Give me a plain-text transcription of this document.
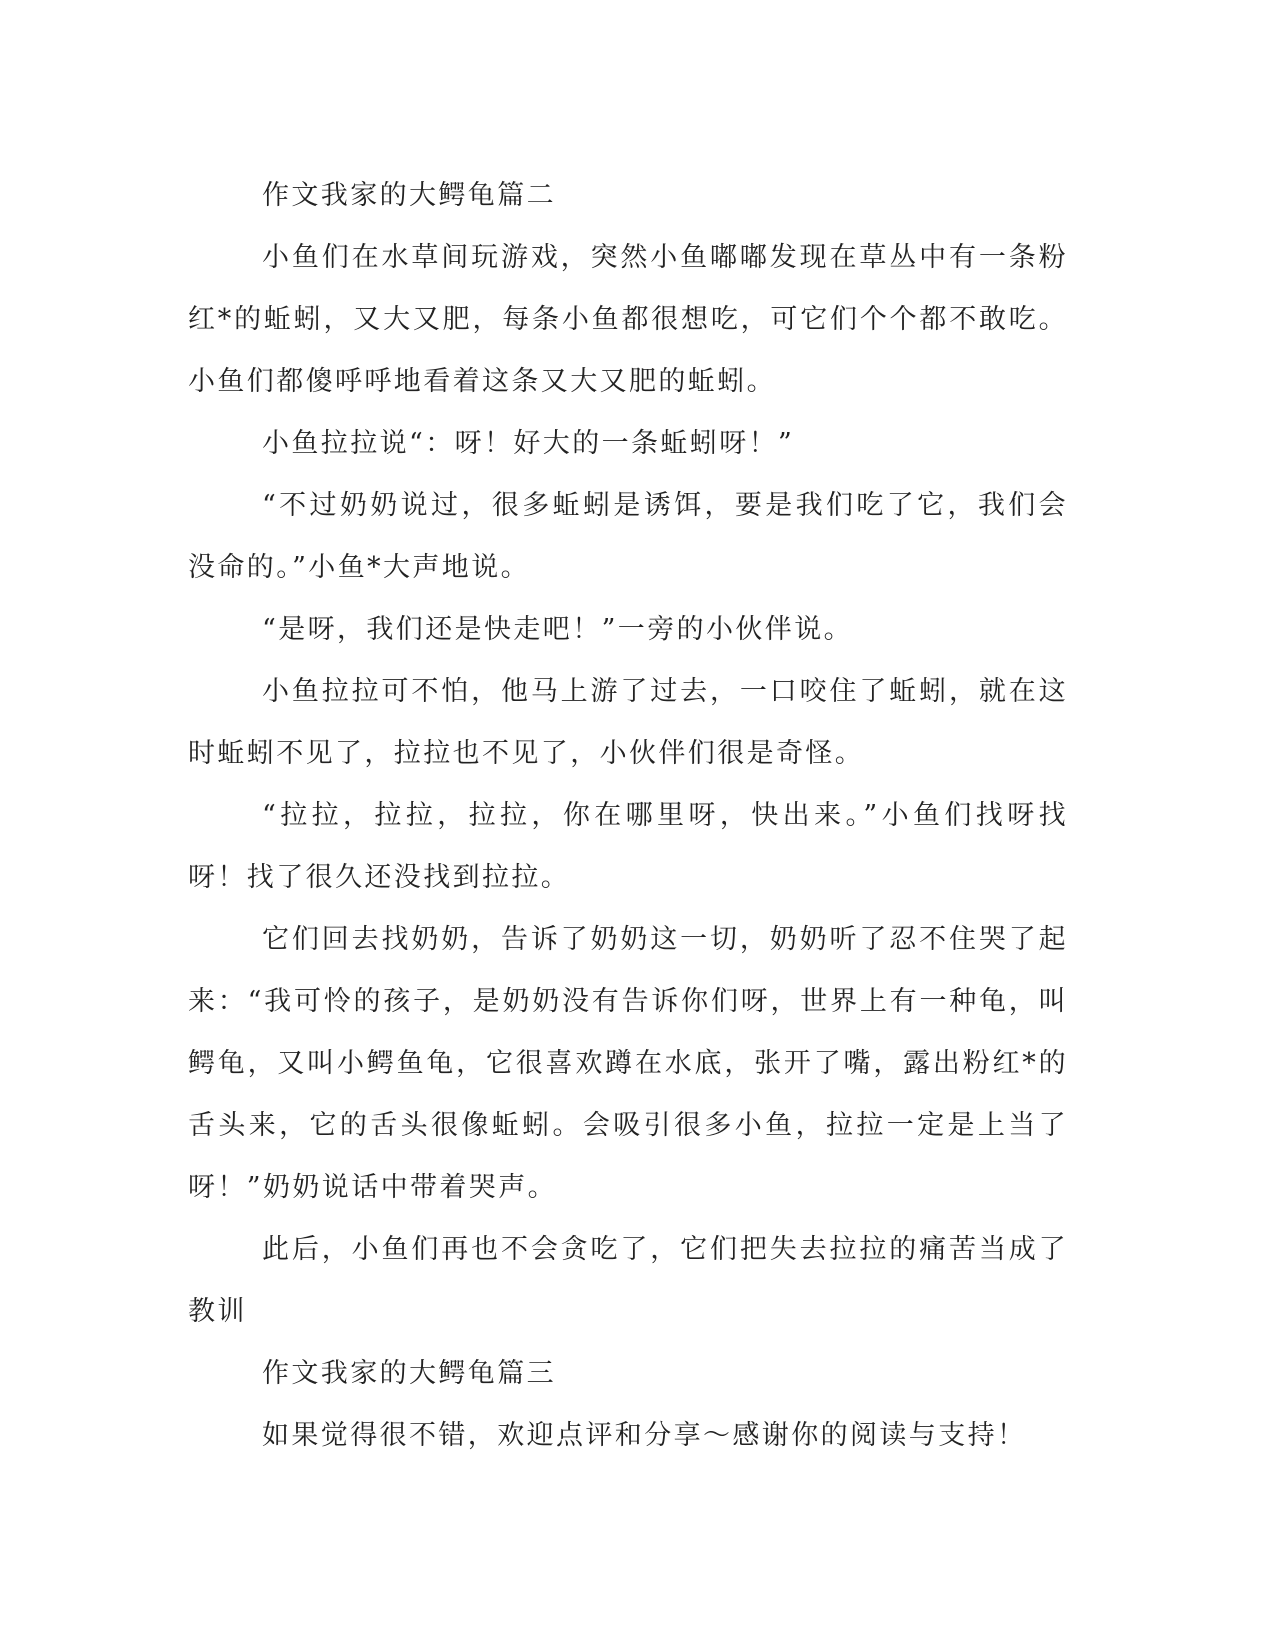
作文我家的大鳄龟篇二

小鱼们在水草间玩游戏，突然小鱼嘟嘟发现在草丛中有一条粉红*的蚯蚓，又大又肥，每条小鱼都很想吃，可它们个个都不敢吃。小鱼们都傻呼呼地看着这条又大又肥的蚯蚓。

小鱼拉拉说“：呀！好大的一条蚯蚓呀！”

“不过奶奶说过，很多蚯蚓是诱饵，要是我们吃了它，我们会没命的。”小鱼*大声地说。

“是呀，我们还是快走吧！”一旁的小伙伴说。

小鱼拉拉可不怕，他马上游了过去，一口咬住了蚯蚓，就在这时蚯蚓不见了，拉拉也不见了，小伙伴们很是奇怪。

“拉拉，拉拉，拉拉，你在哪里呀，快出来。”小鱼们找呀找呀！找了很久还没找到拉拉。

它们回去找奶奶，告诉了奶奶这一切，奶奶听了忍不住哭了起来：“我可怜的孩子，是奶奶没有告诉你们呀，世界上有一种龟，叫鳄龟，又叫小鳄鱼龟，它很喜欢蹲在水底，张开了嘴，露出粉红*的舌头来，它的舌头很像蚯蚓。会吸引很多小鱼，拉拉一定是上当了呀！”奶奶说话中带着哭声。

此后，小鱼们再也不会贪吃了，它们把失去拉拉的痛苦当成了教训

作文我家的大鳄龟篇三

如果觉得很不错，欢迎点评和分享～感谢你的阅读与支持！
